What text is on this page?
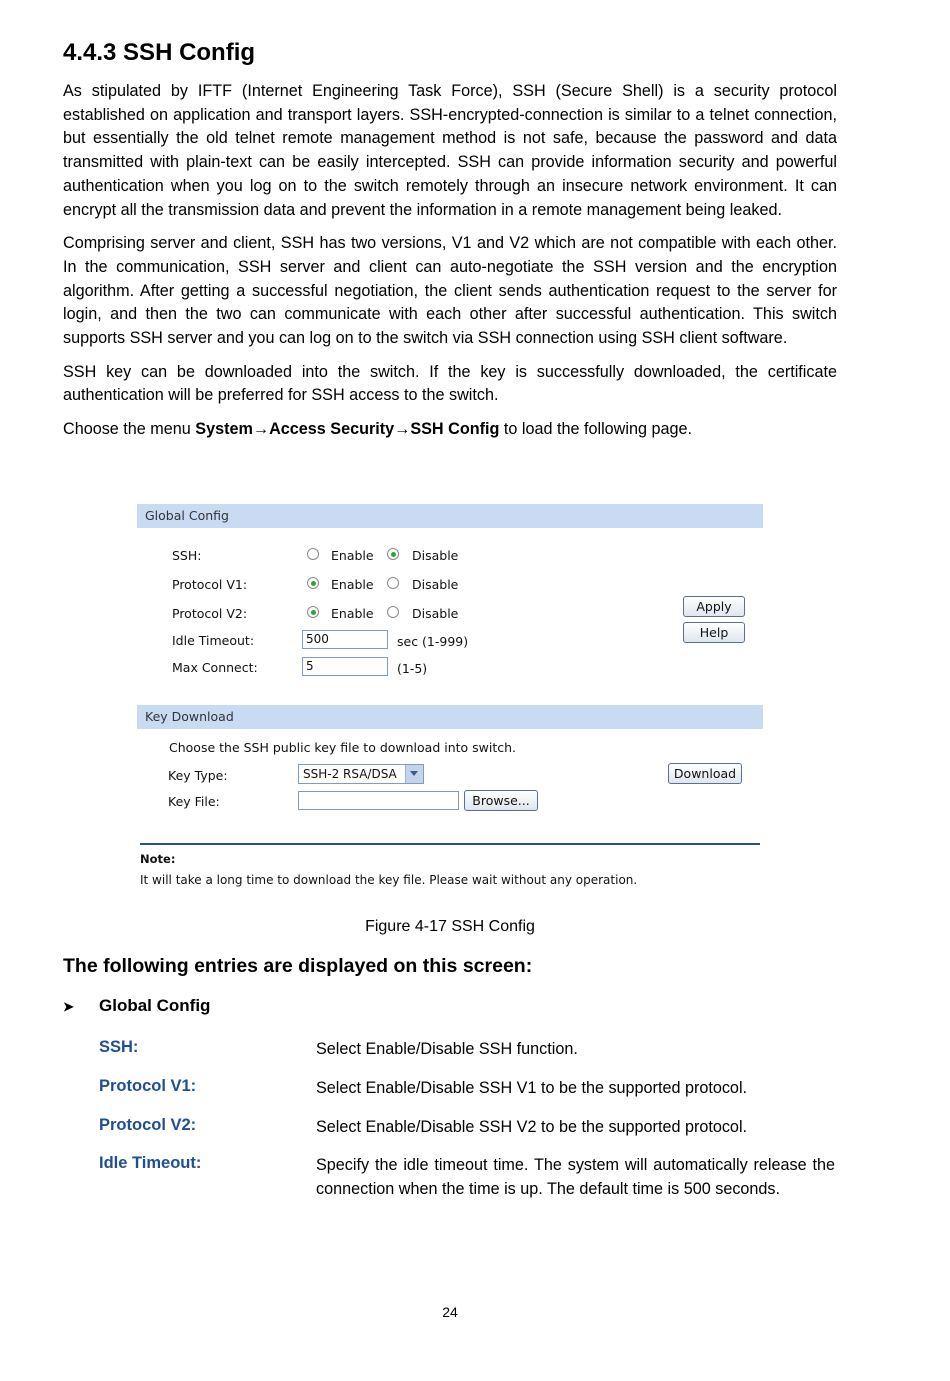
4.4.3 SSH Config

As stipulated by IFTF (Internet Engineering Task Force), SSH (Secure Shell) is a security protocol established on application and transport layers. SSH-encrypted-connection is similar to a telnet connection, but essentially the old telnet remote management method is not safe, because the password and data transmitted with plain-text can be easily intercepted. SSH can provide information security and powerful authentication when you log on to the switch remotely through an insecure network environment. It can encrypt all the transmission data and prevent the information in a remote management being leaked.

Comprising server and client, SSH has two versions, V1 and V2 which are not compatible with each other. In the communication, SSH server and client can auto-negotiate the SSH version and the encryption algorithm. After getting a successful negotiation, the client sends authentication request to the server for login, and then the two can communicate with each other after successful authentication. This switch supports SSH server and you can log on to the switch via SSH connection using SSH client software.

SSH key can be downloaded into the switch. If the key is successfully downloaded, the certificate authentication will be preferred for SSH access to the switch.

Choose the menu System→Access Security→SSH Config to load the following page.

Global Config
SSH:	Enable	Disable
Protocol V1:	Enable	Disable
Protocol V2:	Enable	Disable
Idle Timeout:	500	sec (1-999)
Max Connect:	5	(1-5)
Apply
Help
Key Download
Choose the SSH public key file to download into switch.
Key Type:	SSH-2 RSA/DSA	Download
Key File:	Browse...
Note:
It will take a long time to download the key file. Please wait without any operation.
Figure 4-17 SSH Config
The following entries are displayed on this screen:
➤ Global Config
SSH:	Select Enable/Disable SSH function.
Protocol V1:	Select Enable/Disable SSH V1 to be the supported protocol.
Protocol V2:	Select Enable/Disable SSH V2 to be the supported protocol.
Idle Timeout:	Specify the idle timeout time. The system will automatically release the connection when the time is up. The default time is 500 seconds.
24
